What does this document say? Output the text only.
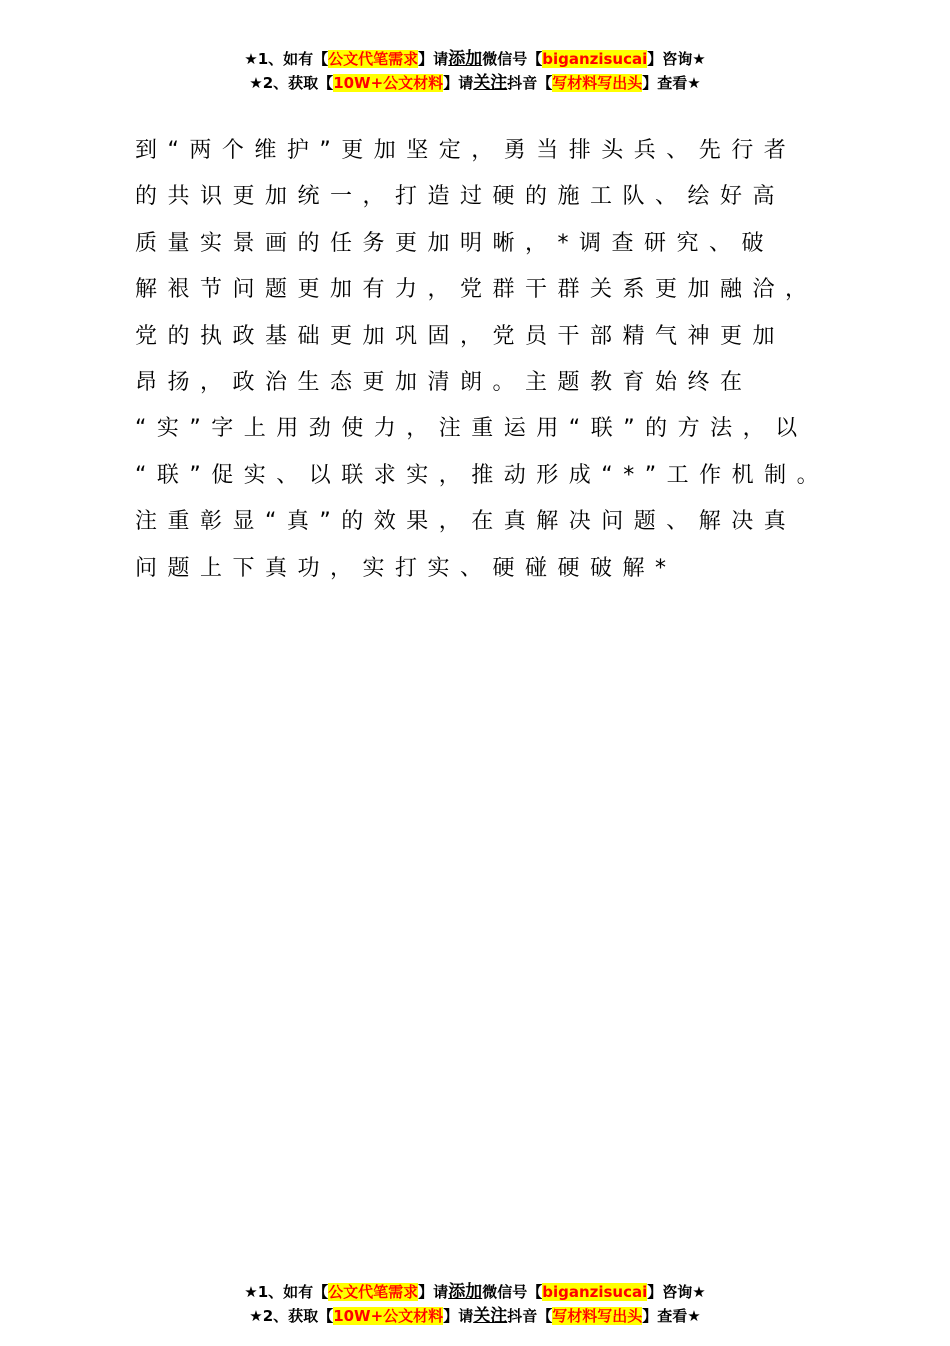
★1、如有【公文代笔需求】请添加微信号【biganzisucai】咨询★
★2、获取【10W+公文材料】请关注抖音【写材料写出头】查看★
到“两个维护”更加坚定，勇当排头兵、先行者
的共识更加统一，打造过硬的施工队、绘好高
质量实景画的任务更加明晰，*调查研究、破
解裉节问题更加有力，党群干群关系更加融洽，
党的执政基础更加巩固，党员干部精气神更加
昂扬，政治生态更加清朗。主题教育始终在
“实”字上用劲使力，注重运用“联”的方法，以
“联”促实、以联求实，推动形成“*”工作机制。
注重彰显“真”的效果，在真解决问题、解决真
问题上下真功，实打实、硬碰硬破解*
★1、如有【公文代笔需求】请添加微信号【biganzisucai】咨询★
★2、获取【10W+公文材料】请关注抖音【写材料写出头】查看★
